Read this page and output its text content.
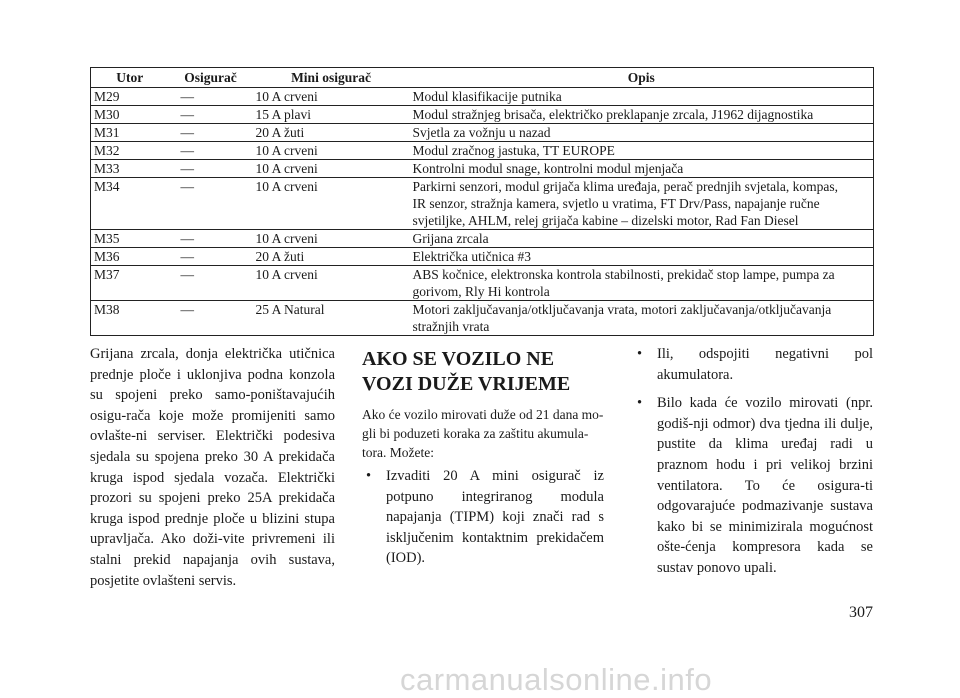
Utor	Osigurač	Mini osigurač	Opis
M29	—	10 A crveni	Modul klasifikacije putnika

M30	—	15 A plavi	Modul stražnjeg brisača, električko preklapanje zrcala, J1962 dijagnostika

M31	—	20 A žuti	Svjetla za vožnju u nazad

M32	—	10 A crveni	Modul zračnog jastuka, TT EUROPE

M33	—	10 A crveni	Kontrolni modul snage, kontrolni modul mjenjača

M34	—	10 A crveni	Parkirni senzori, modul grijača klima uređaja, perač prednjih svjetala, kompas,
IR senzor, stražnja kamera, svjetlo u vratima, FT Drv/Pass, napajanje ručne
svjetiljke, AHLM, relej grijača kabine – dizelski motor, Rad Fan Diesel

M35	—	10 A crveni	Grijana zrcala

M36	—	20 A žuti	Električka utičnica #3

M37	—	10 A crveni	ABS kočnice, elektronska kontrola stabilnosti, prekidač stop lampe, pumpa za
gorivom, Rly Hi kontrola

M38	—	25 A Natural	Motori zaključavanja/otključavanja vrata, motori zaključavanja/otključavanja
stražnjih vrata
Grijana zrcala, donja električka utičnica prednje ploče i uklonjiva podna konzola su spojeni preko samo-poništavajućih osigu-rača koje može promijeniti samo ovlašte-ni serviser. Električki podesiva sjedala su spojena preko 30 A prekidača kruga ispod sjedala vozača. Električki prozori su spojeni preko 25A prekidača kruga ispod prednje ploče u blizini stupa upravljača. Ako doži-vite privremeni ili stalni prekid napajanja ovih sustava, posjetite ovlašteni servis.
AKO SE VOZILO NE VOZI DUŽE VRIJEME

Ako će vozilo mirovati duže od 21 dana mo-gli bi poduzeti koraka za zaštitu akumula-tora. Možete:

• Izvaditi 20 A mini osigurač iz potpuno integriranog modula napajanja (TIPM) koji znači rad s isključenim kontaktnim prekidačem (IOD).
• Ili, odspojiti negativni pol akumulatora.
• Bilo kada će vozilo mirovati (npr. godiš-nji odmor) dva tjedna ili dulje, pustite da klima uređaj radi u praznom hodu i pri velikoj brzini ventilatora. To će osigura-ti odgovarajuće podmazivanje sustava kako bi se minimizirala mogućnost ošte-ćenja kompresora kada se sustav ponovo upali.
307
carmanualsonline.info
